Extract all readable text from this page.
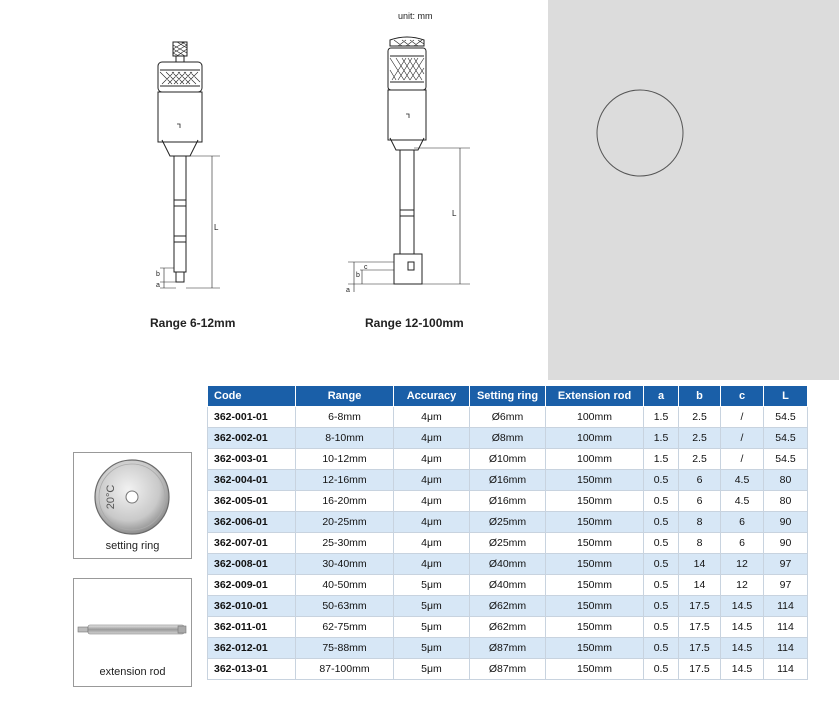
unit: mm
L
b
a
Range 6-12mm
L
c
b
a
Range 12-100mm
20°C
setting ring
extension rod
Code	Range	Accuracy	Setting ring	Extension rod	a	b	c	L
362-001-01	6-8mm	4μm	Ø6mm	100mm	1.5	2.5	/	54.5
362-002-01	8-10mm	4μm	Ø8mm	100mm	1.5	2.5	/	54.5
362-003-01	10-12mm	4μm	Ø10mm	100mm	1.5	2.5	/	54.5
362-004-01	12-16mm	4μm	Ø16mm	150mm	0.5	6	4.5	80
362-005-01	16-20mm	4μm	Ø16mm	150mm	0.5	6	4.5	80
362-006-01	20-25mm	4μm	Ø25mm	150mm	0.5	8	6	90
362-007-01	25-30mm	4μm	Ø25mm	150mm	0.5	8	6	90
362-008-01	30-40mm	4μm	Ø40mm	150mm	0.5	14	12	97
362-009-01	40-50mm	5μm	Ø40mm	150mm	0.5	14	12	97
362-010-01	50-63mm	5μm	Ø62mm	150mm	0.5	17.5	14.5	114
362-011-01	62-75mm	5μm	Ø62mm	150mm	0.5	17.5	14.5	114
362-012-01	75-88mm	5μm	Ø87mm	150mm	0.5	17.5	14.5	114
362-013-01	87-100mm	5μm	Ø87mm	150mm	0.5	17.5	14.5	114
